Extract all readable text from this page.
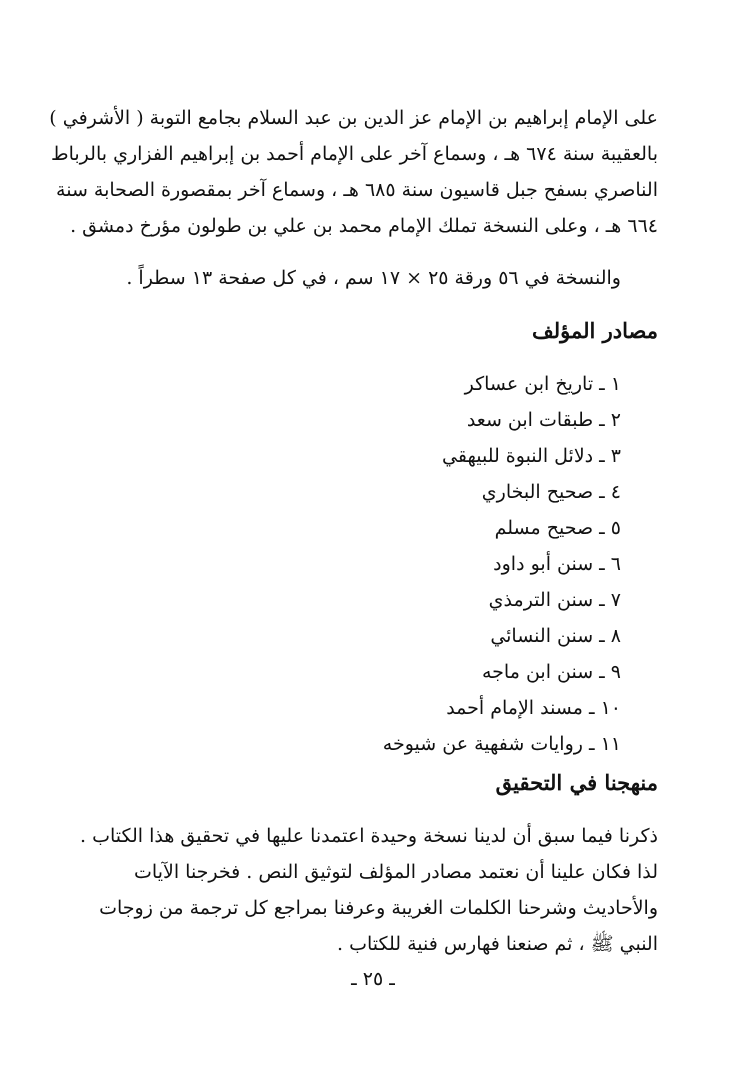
على الإمام إبراهيم بن الإمام عز الدين بن عبد السلام بجامع التوبة ( الأشرفي )
بالعقيبة سنة ٦٧٤ هـ ، وسماع آخر على الإمام أحمد بن إبراهيم الفزاري بالرباط
الناصري بسفح جبل قاسيون سنة ٦٨٥ هـ ، وسماع آخر بمقصورة الصحابة سنة
٦٦٤ هـ ، وعلى النسخة تملك الإمام محمد بن علي بن طولون مؤرخ دمشق .

والنسخة في ٥٦ ورقة ٢٥ × ١٧ سم ، في كل صفحة ١٣ سطراً .

مصادر المؤلف
١ ـ تاريخ ابن عساكر
٢ ـ طبقات ابن سعد
٣ ـ دلائل النبوة للبيهقي
٤ ـ صحيح البخاري
٥ ـ صحيح مسلم
٦ ـ سنن أبو داود
٧ ـ سنن الترمذي
٨ ـ سنن النسائي
٩ ـ سنن ابن ماجه
١٠ ـ مسند الإمام أحمد
١١ ـ روايات شفهية عن شيوخه
منهجنا في التحقيق

ذكرنا فيما سبق أن لدينا نسخة وحيدة اعتمدنا عليها في تحقيق هذا الكتاب .
لذا فكان علينا أن نعتمد مصادر المؤلف لتوثيق النص . فخرجنا الآيات
والأحاديث وشرحنا الكلمات الغريبة وعرفنا بمراجع كل ترجمة من زوجات
النبي ﷺ ، ثم صنعنا فهارس فنية للكتاب .

ـ ٢٥ ـ
